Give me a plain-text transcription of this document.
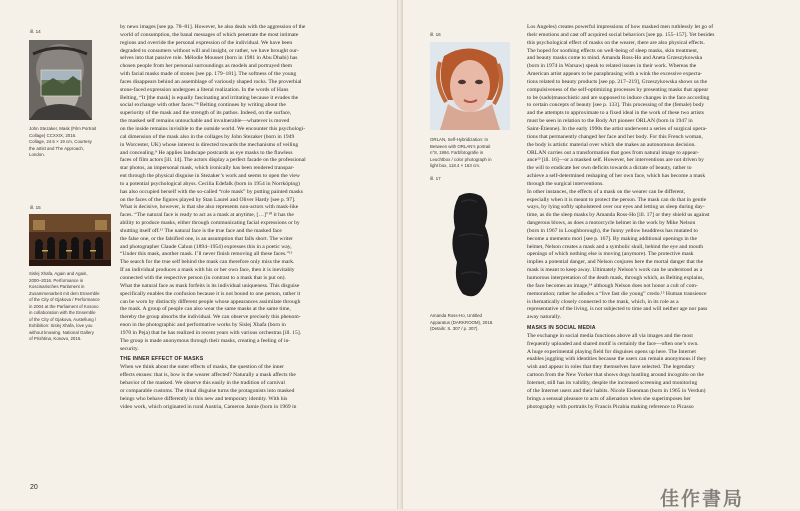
ill. 14
John Stezaker, Mask (Film Portrait
Collage) CCXXIX, 2016.
Collage, 24.5 × 19 cm, Courtesy
the artist and The Approach,
London.
ill. 15
Sislej Xhafa, Again and Again,
2000–2016. Performance in
Koscinarisches Parlament in
Zusammenarbeit mit dem Ensemble
of the City of Gjakova / Performance
in 2004 at the Parliament of Kosovo
in collaboration with the Ensemble
of the City of Gjakova, Austellung /
Exhibition: Sislej Xhafa, love you
without knowing. National Gallery
of Prishtina, Kosovo, 2016.
by news images [see pp. 78–81]. However, he also deals with the aggression of the
world of consumption, the banal messages of which penetrate the most intimate
regions and override the personal expression of the individual. We have been
degraded to consumers without will and insight, or rather, we have brought our-
selves into that passive role. Mélodie Mousset (born in 1981 in Abu Dhabi) has
chosen people from her personal surroundings as models and portrayed them
with facial masks made of stones [see pp. 179–181]. The softness of the young
faces disappears behind an assemblage of variously shaped rocks. The proverbial
stone-faced expression undergoes a literal realization. In the words of Hans
Belting, “It [the mask] is equally fascinating and irritating because it evades the
social exchange with other faces.”⁸ Belting continues by writing about the
superiority of the mask and the strength of its pathos. Indeed, on the surface,
the masked self remains untouchable and invulnerable—whatever is moved
on the inside remains invisible to the outside world. We encounter this psychologi-
cal dimension of the mask also in the collages by John Stezaker (born in 1949
in Worcester, UK) whose interest is directed towards the mechanisms of veiling
and concealing.⁹ He applies landscape postcards as eye masks to the flawless
faces of film actors [ill. 14]. The actors display a perfect facade on the professional
star photos, an impersonal mask, which ironically has been rendered transpar-
ent through the physical disguise in Stezaker’s work and seems to open the view
to a potential psychological abyss. Cecilia Edefalk (born in 1954 in Norrköping)
has also occupied herself with the so-called “role mask” by putting painted masks
on the faces of the figures played by Stan Laurel and Oliver Hardy [see p. 97].
What is decisive, however, is that she also represents non-actors with mask-like
faces. “The natural face is ready to act as a mask at anytime, […]”¹⁰ it has the
ability to produce masks, either through communicating facial expressions or by
shutting itself off.¹¹ The natural face is the true face and the masked face
the false one, or the falsified one, is an assumption that falls short. The writer
and photographer Claude Cahun (1894–1954) expresses this in a poetic way,
“Under this mask, another mask. I’ll never finish removing all these faces.”¹²
The search for the true self behind the mask can therefore only miss the mark.
If an individual produces a mask with his or her own face, then it is inevitably
connected with the respective person (in contrast to a mask that is put on).
What the natural face as mask forfeits is its individual uniqueness. This disguise
specifically enables the confusion because it is not bound to one person, rather it
can be worn by distinctly different people whose appearances assimilate through
the mask. A group of people can also wear the same masks at the same time,
thereby the group absorbs the individual. We can observe precisely this phenom-
enon in the photographic and performative works by Sislej Xhafa (born in
1970 in Peja) that he has realized in recent years with various orchestras [ill. 15].
The group is made anonymous through their masks, creating a feeling of in-
security.
THE INNER EFFECT OF MASKS
When we think about the outer effects of masks, the question of the inner
effects ensues: that is, how is the wearer affected? Naturally a mask affects the
behavior of the masked. We observe this easily in the tradition of carnival
or comparable customs. The ritual disguise turns the protagonists into masked
beings who behave differently in this new and temporary identity. With his
video work, which originated in rural Austria, Cameron Jamie (born in 1969 in
20
ill. 16
ORLAN, Self-Hybridization: In
Between with ORLAN’s portrait
n°8, 1994. Farbfotografie in
Leuchtbox / color photograph in
light box, 118.4 × 163 cm.
ill. 17
Amanda Ross-Ho, Untitled
Apparatus (DARKROOM), 2018.
(Details: S. 307 / p. 307).
Los Angeles) creates powerful impressions of how masked men ruthlessly let go of
their emotions and cast off acquired social behaviors [see pp. 155–157]. Yet besides
this psychological effect of masks on the wearer, there are also physical effects.
The hoped for soothing effects on well-being of sleep masks, skin treatment,
and beauty masks come to mind. Amanda Ross-Ho and Aneta Grzeszykowska
(born in 1974 in Warsaw) speak to related issues in their work. Whereas the
American artist appears to be paraphrasing with a wink the excessive expecta-
tions related to beauty products [see pp. 217–219], Grzeszykowska shows us the
compulsiveness of the self-optimizing processes by presenting masks that appear
to be (sado)masochistic and are supposed to induce changes in the face according
to certain concepts of beauty [see p. 133]. This processing of the (female) body
and the attempts to approximate to a fixed ideal in the work of these two artists
must be seen in relation to the Body Art pioneer ORLAN (born in 1947 in
Saint-Étienne). In the early 1990s the artist underwent a series of surgical opera-
tions that permanently changed her face and her body. For this French woman,
the body is artistic material over which she makes an autonomous decision.
ORLAN carries out a transformation that goes from natural image to appear-
ance¹³ [ill. 16]—or a masked self. However, her interventions are not driven by
the will to eradicate her own deficits towards a dictate of beauty, rather to
achieve a self-determined reshaping of her own face, which has become a mask
through the surgical interventions.
In other instances, the effects of a mask on the wearer can be different,
especially when it is meant to protect the person. The mask can do that in gentle
ways, by lying softly upholstered over our eyes and letting us sleep during day-
time, as do the sleep masks by Amanda Ross-Ho [ill. 17] or they shield us against
dangerous blows, as does a motorcycle helmet in the work by Mike Nelson
(born in 1967 in Loughborough), the funny yellow headdress has mutated to
become a memento mori [see p. 167]. By making additional openings in the
helmet, Nelson creates a mask and a symbolic skull, behind the eye and mouth
openings of which nothing else is moving (anymore). The protective mask
implies a potential danger, and Nelson conjures here the mortal danger that the
mask is meant to keep away. Ultimately Nelson’s work can be understood as a
humorous interpretation of the death mask, through which, as Belting explains,
the face becomes an image,¹⁴ although Nelson does not honor a cult of com-
memoration; rather he alludes a “live fast die young” credo.¹⁵ Human transience
is thematically closely connected to the mask, which, in its role as a
representative of the living, is not subjected to time and will neither age nor pass
away naturally.
MASKS IN SOCIAL MEDIA
The exchange in social media functions above all via images and the most
frequently uploaded and shared motif is certainly the face—often one’s own.
A huge experimental playing field for disguises opens up here. The Internet
enables juggling with identities because the users can remain anonymous if they
wish and appear in roles that they themselves have selected. The legendary
cartoon from the New Yorker that shows dogs hustling around incognito on the
Internet, still has its validity, despite the increased screening and monitoring
of the Internet users and their habits. Nicole Eisenman (born in 1965 in Verdun)
brings a sensual pleasure to acts of alienation when she superimposes her
photography with portraits by Francis Picabia making reference to Picasso
佳作書局
